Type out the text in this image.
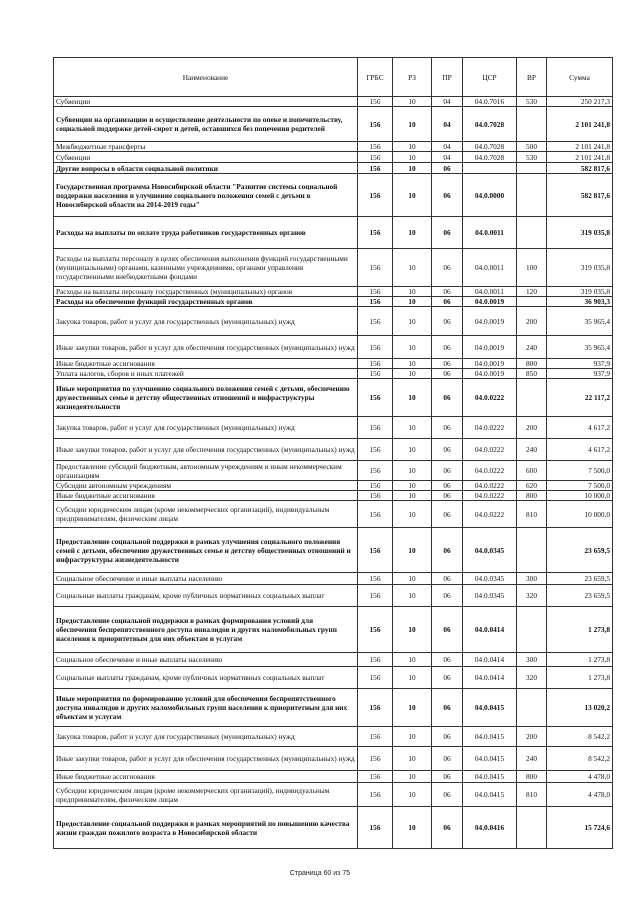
Наименование	ГРБС	РЗ	ПР	ЦСР	ВР	Сумма
Субвенции	156	10	04	04.0.7016	530	250 217,3
Субвенции на организацию и осуществление деятельности по опеке и попечительству, социальной поддержке детей-сирот и детей, оставшихся без попечения родителей	156	10	04	04.0.7028		2 101 241,8
Межбюджетные трансферты	156	10	04	04.0.7028	500	2 101 241,8
Субвенции	156	10	04	04.0.7028	530	2 101 241,8
Другие вопросы в области социальной политики	156	10	06			582 817,6
Государственная программа Новосибирской области "Развитие системы социальной поддержки населения и улучшение социального положения семей с детьми в Новосибирской области на 2014-2019 годы"	156	10	06	04.0.0000		582 817,6
Расходы на выплаты по оплате труда работников государственных органов	156	10	06	04.0.0011		319 035,8
Расходы на выплаты персоналу в целях обеспечения выполнения функций государственными (муниципальными) органами, казенными учреждениями, органами управления государственными внебюджетными фондами	156	10	06	04.0.0011	100	319 035,8
Расходы на выплаты персоналу государственных (муниципальных) органов	156	10	06	04.0.0011	120	319 035,8
Расходы на обеспечение функций государственных органов	156	10	06	04.0.0019		36 903,3
Закупка товаров, работ и услуг для государственных (муниципальных) нужд	156	10	06	04.0.0019	200	35 965,4
Иные закупки товаров, работ и услуг для обеспечения государственных (муниципальных) нужд	156	10	06	04.0.0019	240	35 965,4
Иные бюджетные ассигнования	156	10	06	04.0.0019	800	937,9
Уплата налогов, сборов и иных платежей	156	10	06	04.0.0019	850	937,9
Иные мероприятия по улучшению социального положения семей с детьми, обеспечению дружественных семье и детству общественных отношений и инфраструктуры жизнедеятельности	156	10	06	04.0.0222		22 117,2
Закупка товаров, работ и услуг для государственных (муниципальных) нужд	156	10	06	04.0.0222	200	4 617,2
Иные закупки товаров, работ и услуг для обеспечения государственных (муниципальных) нужд	156	10	06	04.0.0222	240	4 617,2
Предоставление субсидий бюджетным, автономным учреждениям и иным некоммерческим организациям	156	10	06	04.0.0222	600	7 500,0
Субсидии автономным учреждениям	156	10	06	04.0.0222	620	7 500,0
Иные бюджетные ассигнования	156	10	06	04.0.0222	800	10 000,0
Субсидии юридическим лицам (кроме некоммерческих организаций), индивидуальным предпринимателям, физическим лицам	156	10	06	04.0.0222	810	10 000,0
Предоставление социальной поддержки в рамках улучшения социального положения семей с детьми, обеспечение дружественных семье и детству общественных отношений и инфраструктуры жизнедеятельности	156	10	06	04.0.0345		23 659,5
Социальное обеспечение и иные выплаты населению	156	10	06	04.0.0345	300	23 659,5
Социальные выплаты гражданам, кроме публичных нормативных социальных выплат	156	10	06	04.0.0345	320	23 659,5
Предоставление социальной поддержки в рамках формирования условий для обеспечения беспрепятственного доступа инвалидов и других маломобильных групп населения к приоритетным для них объектам и услугам	156	10	06	04.0.0414		1 273,8
Социальное обеспечение и иные выплаты населению	156	10	06	04.0.0414	300	1 273,8
Социальные выплаты гражданам, кроме публичных нормативных социальных выплат	156	10	06	04.0.0414	320	1 273,8
Иные мероприятия по формированию условий для обеспечения беспрепятственного доступа инвалидов и других маломобильных групп населения к приоритетным для них объектам и услугам	156	10	06	04.0.0415		13 020,2
Закупка товаров, работ и услуг для государственных (муниципальных) нужд	156	10	06	04.0.0415	200	8 542,2
Иные закупки товаров, работ и услуг для обеспечения государственных (муниципальных) нужд	156	10	06	04.0.0415	240	8 542,2
Иные бюджетные ассигнования	156	10	06	04.0.0415	800	4 478,0
Субсидии юридическим лицам (кроме некоммерческих организаций), индивидуальным предпринимателям, физическим лицам	156	10	06	04.0.0415	810	4 478,0
Предоставление социальной поддержки в рамках мероприятий по повышению качества жизни граждан пожилого возраста в Новосибирской области	156	10	06	04.0.0416		15 724,6
Страница 60 из 75
